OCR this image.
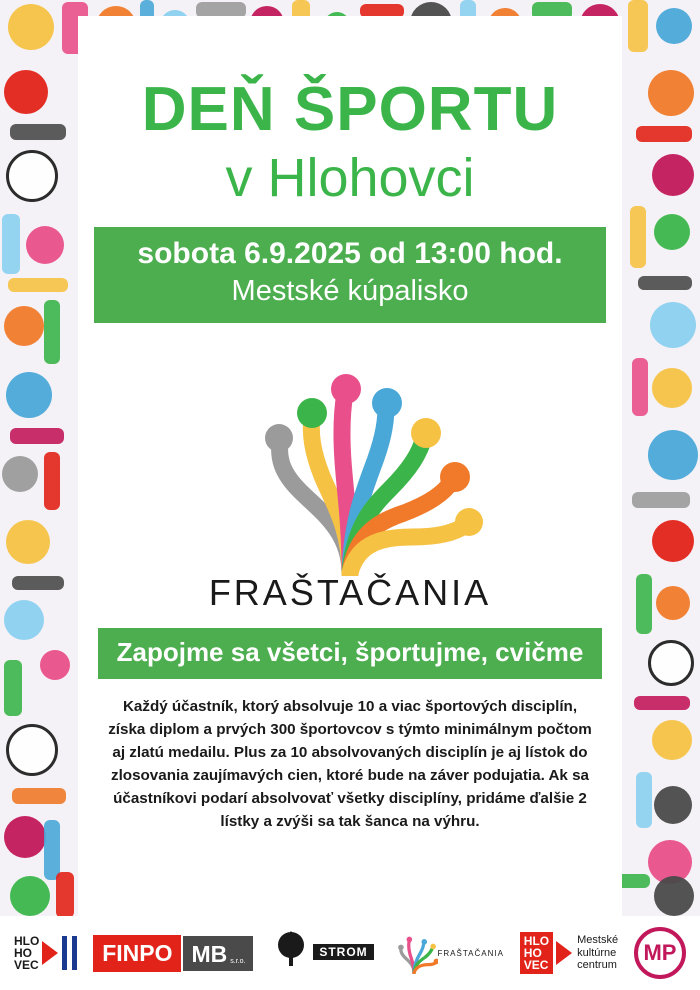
DEŇ ŠPORTU
v Hlohovci
sobota 6.9.2025 od 13:00 hod.
Mestské kúpalisko
FRAŠTAČANIA
Zapojme sa všetci, športujme, cvičme

Každý účastník, ktorý absolvuje 10 a viac športových disciplín, získa diplom a prvých 300 športovcov s týmto minimálnym počtom aj zlatú medailu. Plus za 10 absolvovaných disciplín je aj lístok do zlosovania zaujímavých cien, ktoré bude na záver podujatia. Ak sa účastníkovi podarí absolvovať všetky disciplíny, pridáme ďalšie 2 lístky a zvýši sa tak šanca na výhru.

HLO
HO
VEC	FINPO MB s.r.o.
STROM	FRAŠTAČANIA
HLO
HO
VEC
Mestské
kultúrne
centrum
MP
